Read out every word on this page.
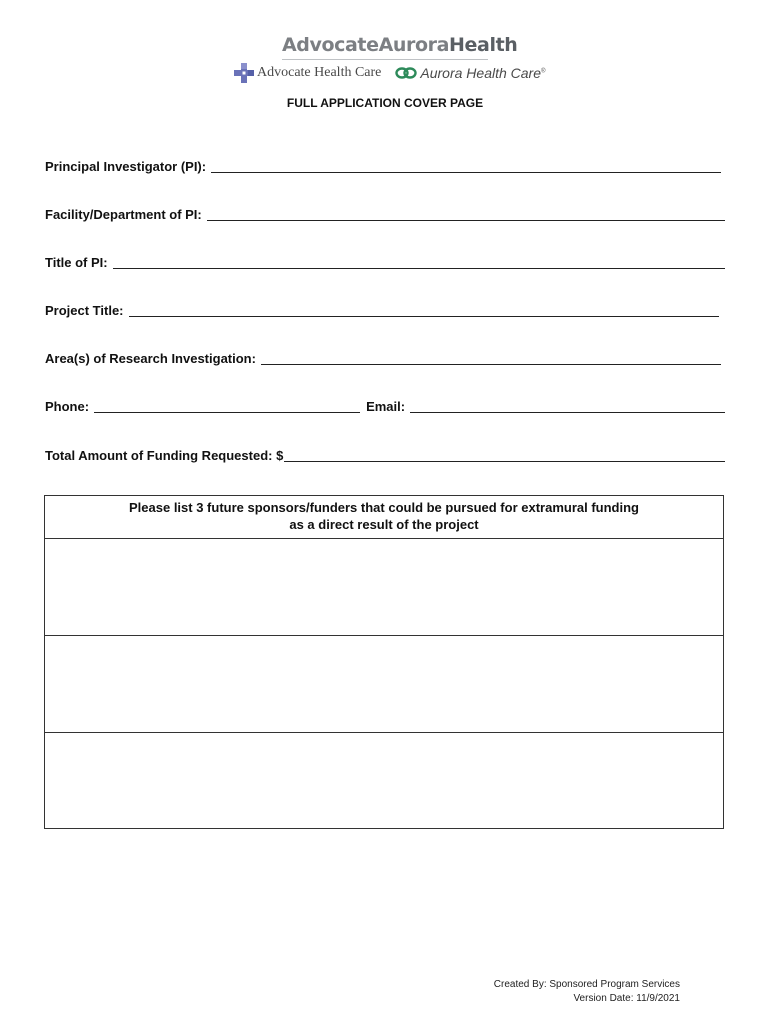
AdvocateAuroraHealth
Advocate Health Care	Aurora Health Care®
FULL APPLICATION COVER PAGE
Principal Investigator (PI):
Facility/Department of PI:
Title of PI:
Project Title:
Area(s) of Research Investigation:
Phone:	Email:
Total Amount of Funding Requested: $
Please list 3 future sponsors/funders that could be pursued for extramural funding
as a direct result of the project
Created By: Sponsored Program Services
Version Date: 11/9/2021
